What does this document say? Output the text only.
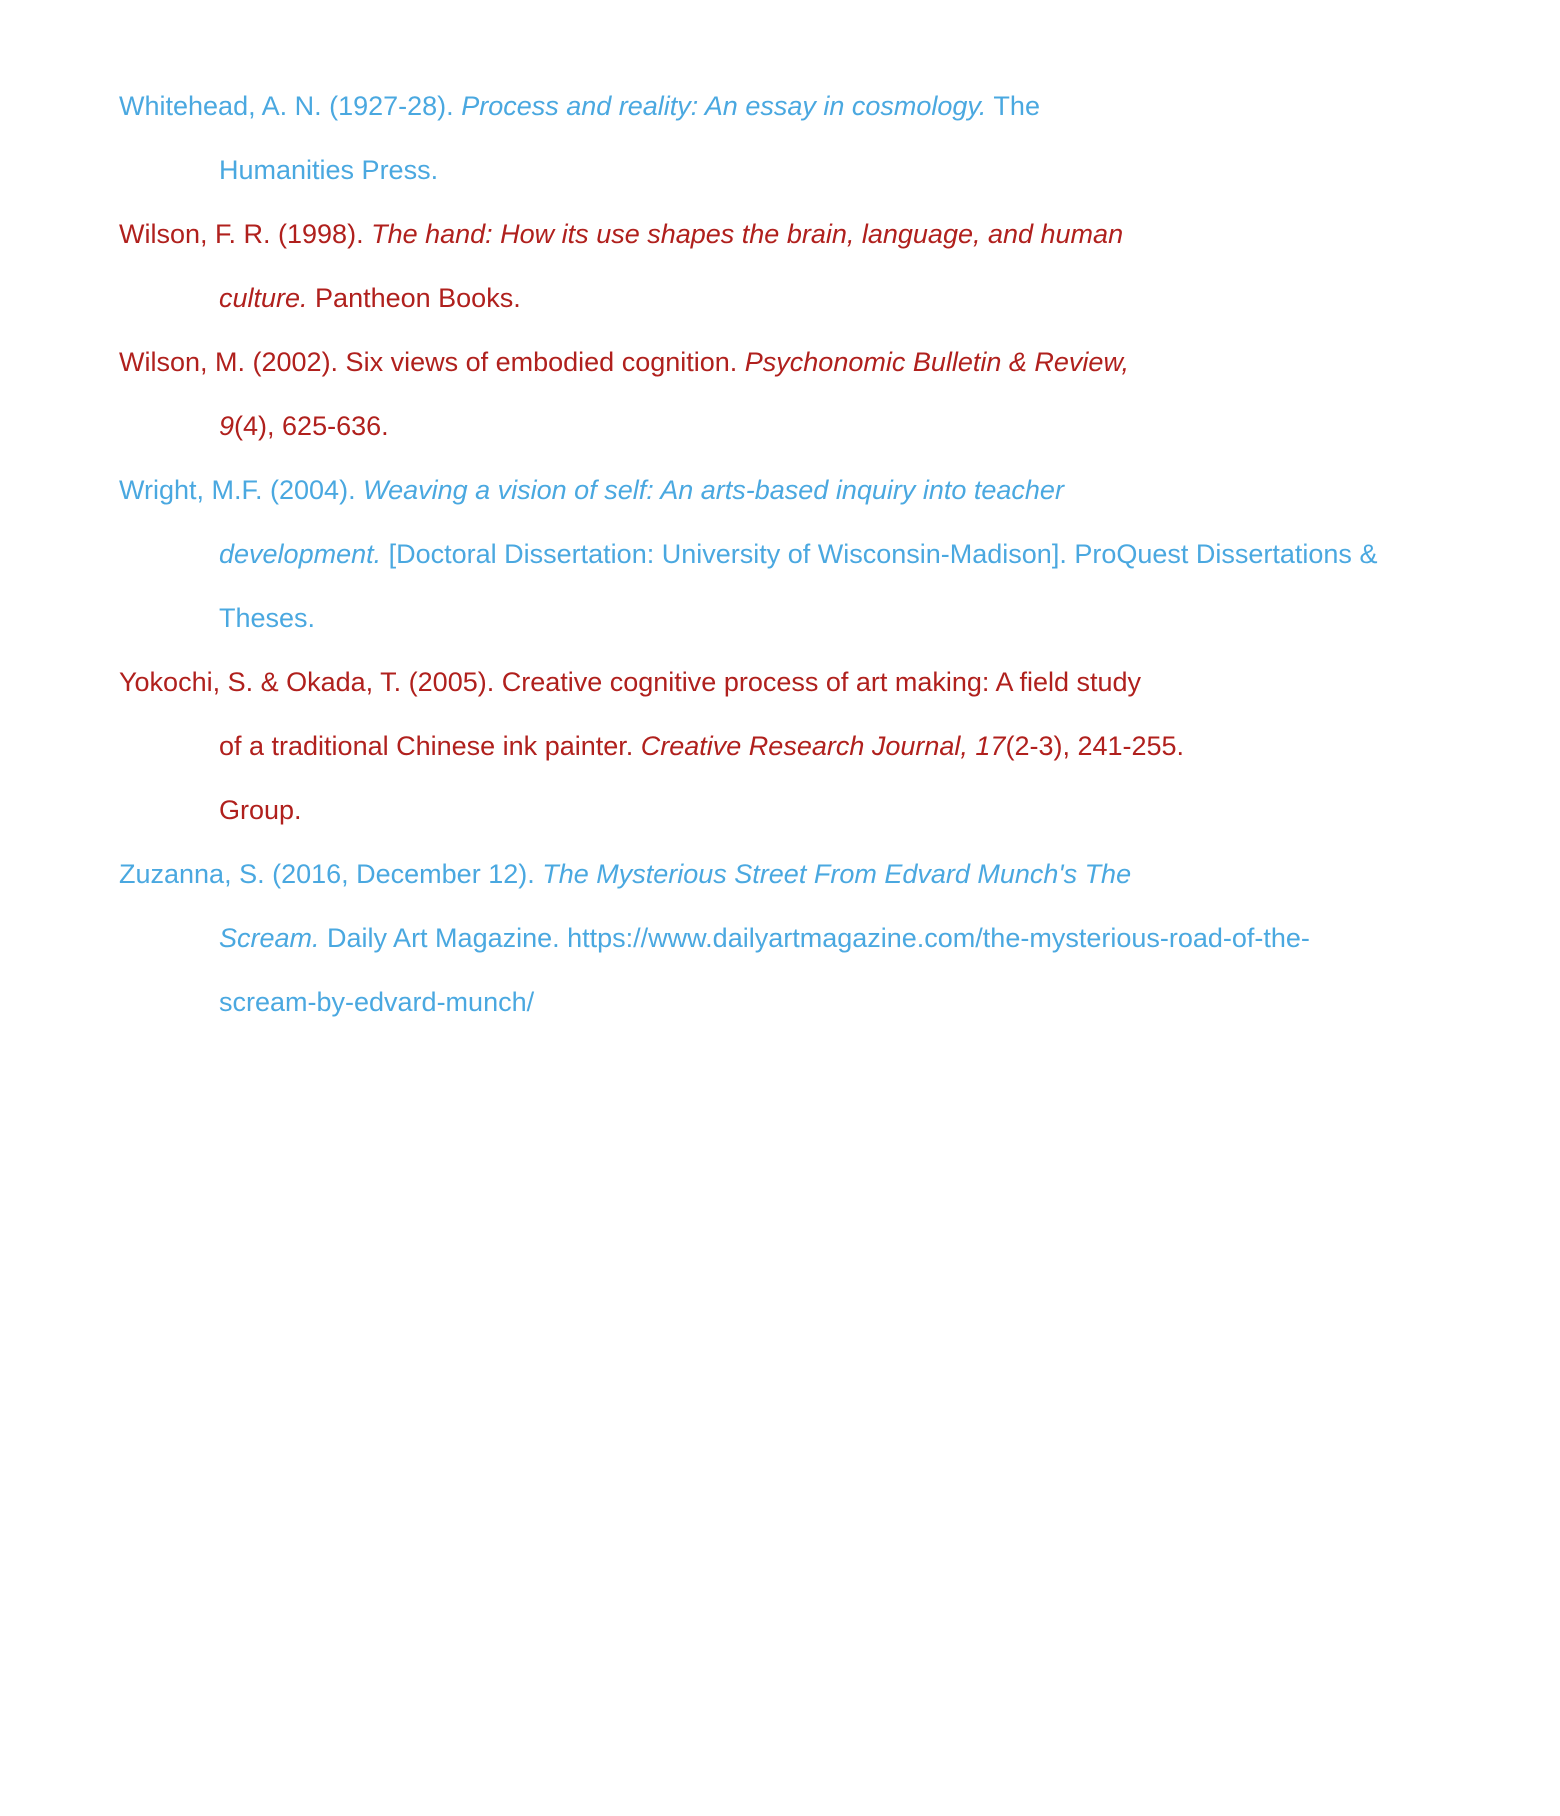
Whitehead, A. N. (1927-28). Process and reality: An essay in cosmology. The
Humanities Press.

Wilson, F. R. (1998). The hand: How its use shapes the brain, language, and human
culture. Pantheon Books.

Wilson, M. (2002). Six views of embodied cognition. Psychonomic Bulletin & Review,
9(4), 625-636.

Wright, M.F. (2004). Weaving a vision of self: An arts-based inquiry into teacher
development. [Doctoral Dissertation: University of Wisconsin-Madison]. ProQuest Dissertations &
Theses.

Yokochi, S. & Okada, T. (2005). Creative cognitive process of art making: A field study
of a traditional Chinese ink painter. Creative Research Journal, 17(2-3), 241-255.
Group.

Zuzanna, S. (2016, December 12). The Mysterious Street From Edvard Munch's The
Scream. Daily Art Magazine. https://www.dailyartmagazine.com/the-mysterious-road-of-the-
scream-by-edvard-munch/
